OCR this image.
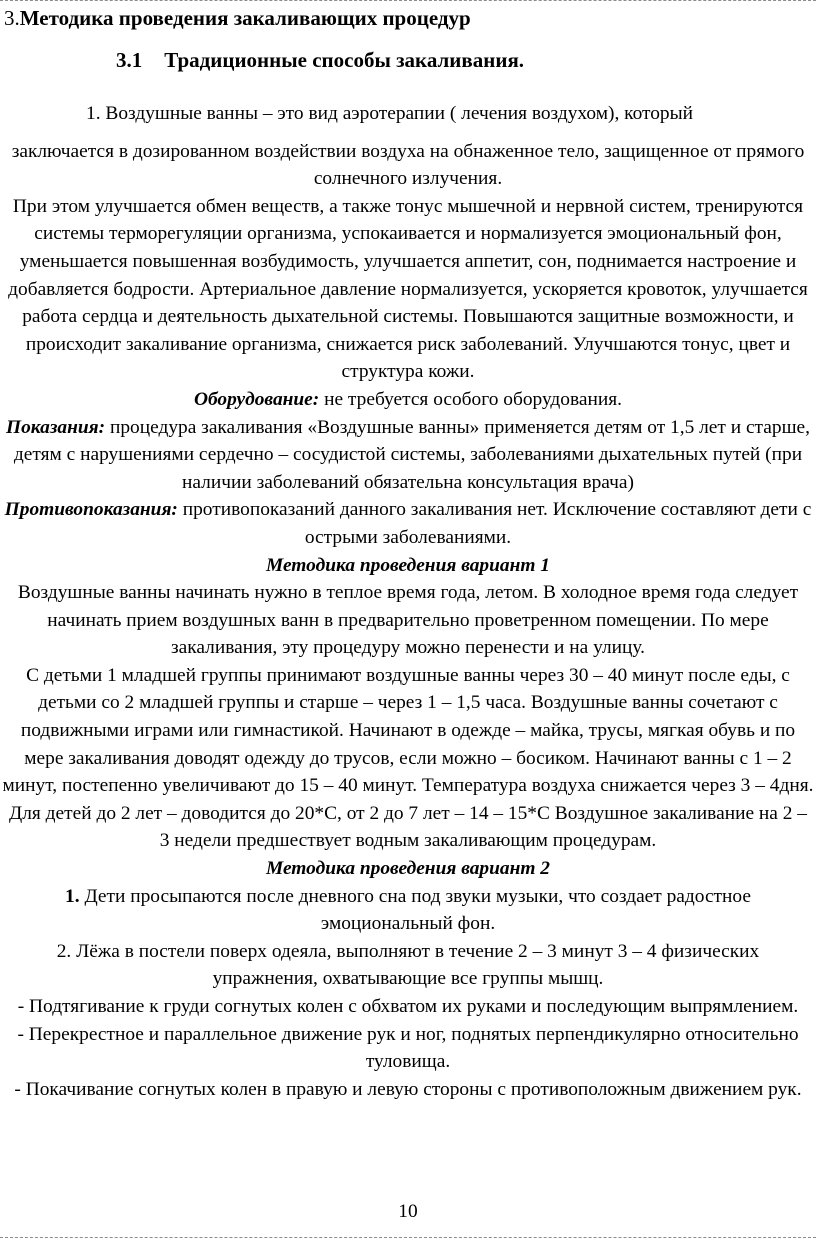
3.Методика проведения закаливающих процедур
3.1 Традиционные способы закаливания.

1. Воздушные ванны – это вид аэротерапии ( лечения воздухом), который

заключается в дозированном воздействии воздуха на обнаженное тело, защищенное от прямого солнечного излучения.

При этом улучшается обмен веществ, а также тонус мышечной и нервной систем, тренируются системы терморегуляции организма, успокаивается и нормализуется эмоциональный фон, уменьшается повышенная возбудимость, улучшается аппетит, сон, поднимается настроение и добавляется бодрости. Артериальное давление нормализуется, ускоряется кровоток, улучшается работа сердца и деятельность дыхательной системы. Повышаются защитные возможности, и происходит закаливание организма, снижается риск заболеваний. Улучшаются тонус, цвет и структура кожи.

Оборудование: не требуется особого оборудования.

Показания: процедура закаливания «Воздушные ванны» применяется детям от 1,5 лет и старше, детям с нарушениями сердечно – сосудистой системы, заболеваниями дыхательных путей (при наличии заболеваний обязательна консультация врача)

Противопоказания: противопоказаний данного закаливания нет. Исключение составляют дети с острыми заболеваниями.

Методика проведения вариант 1

Воздушные ванны начинать нужно в теплое время года, летом. В холодное время года следует начинать прием воздушных ванн в предварительно проветренном помещении. По мере закаливания, эту процедуру можно перенести и на улицу.

С детьми 1 младшей группы принимают воздушные ванны через 30 – 40 минут после еды, с детьми со 2 младшей группы и старше – через 1 – 1,5 часа. Воздушные ванны сочетают с подвижными играми или гимнастикой. Начинают в одежде – майка, трусы, мягкая обувь и по мере закаливания доводят одежду до трусов, если можно – босиком. Начинают ванны с 1 – 2 минут, постепенно увеличивают до 15 – 40 минут. Температура воздуха снижается через 3 – 4дня. Для детей до 2 лет – доводится до 20*С, от 2 до 7 лет – 14 – 15*С Воздушное закаливание на 2 – 3 недели предшествует водным закаливающим процедурам.

Методика проведения вариант 2

1. Дети просыпаются после дневного сна под звуки музыки, что создает радостное эмоциональный фон.

2. Лёжа в постели поверх одеяла, выполняют в течение 2 – 3 минут 3 – 4 физических упражнения, охватывающие все группы мышц.

- Подтягивание к груди согнутых колен с обхватом их руками и последующим выпрямлением.

- Перекрестное и параллельное движение рук и ног, поднятых перпендикулярно относительно туловища.

- Покачивание согнутых колен в правую и левую стороны с противоположным движением рук.

10
